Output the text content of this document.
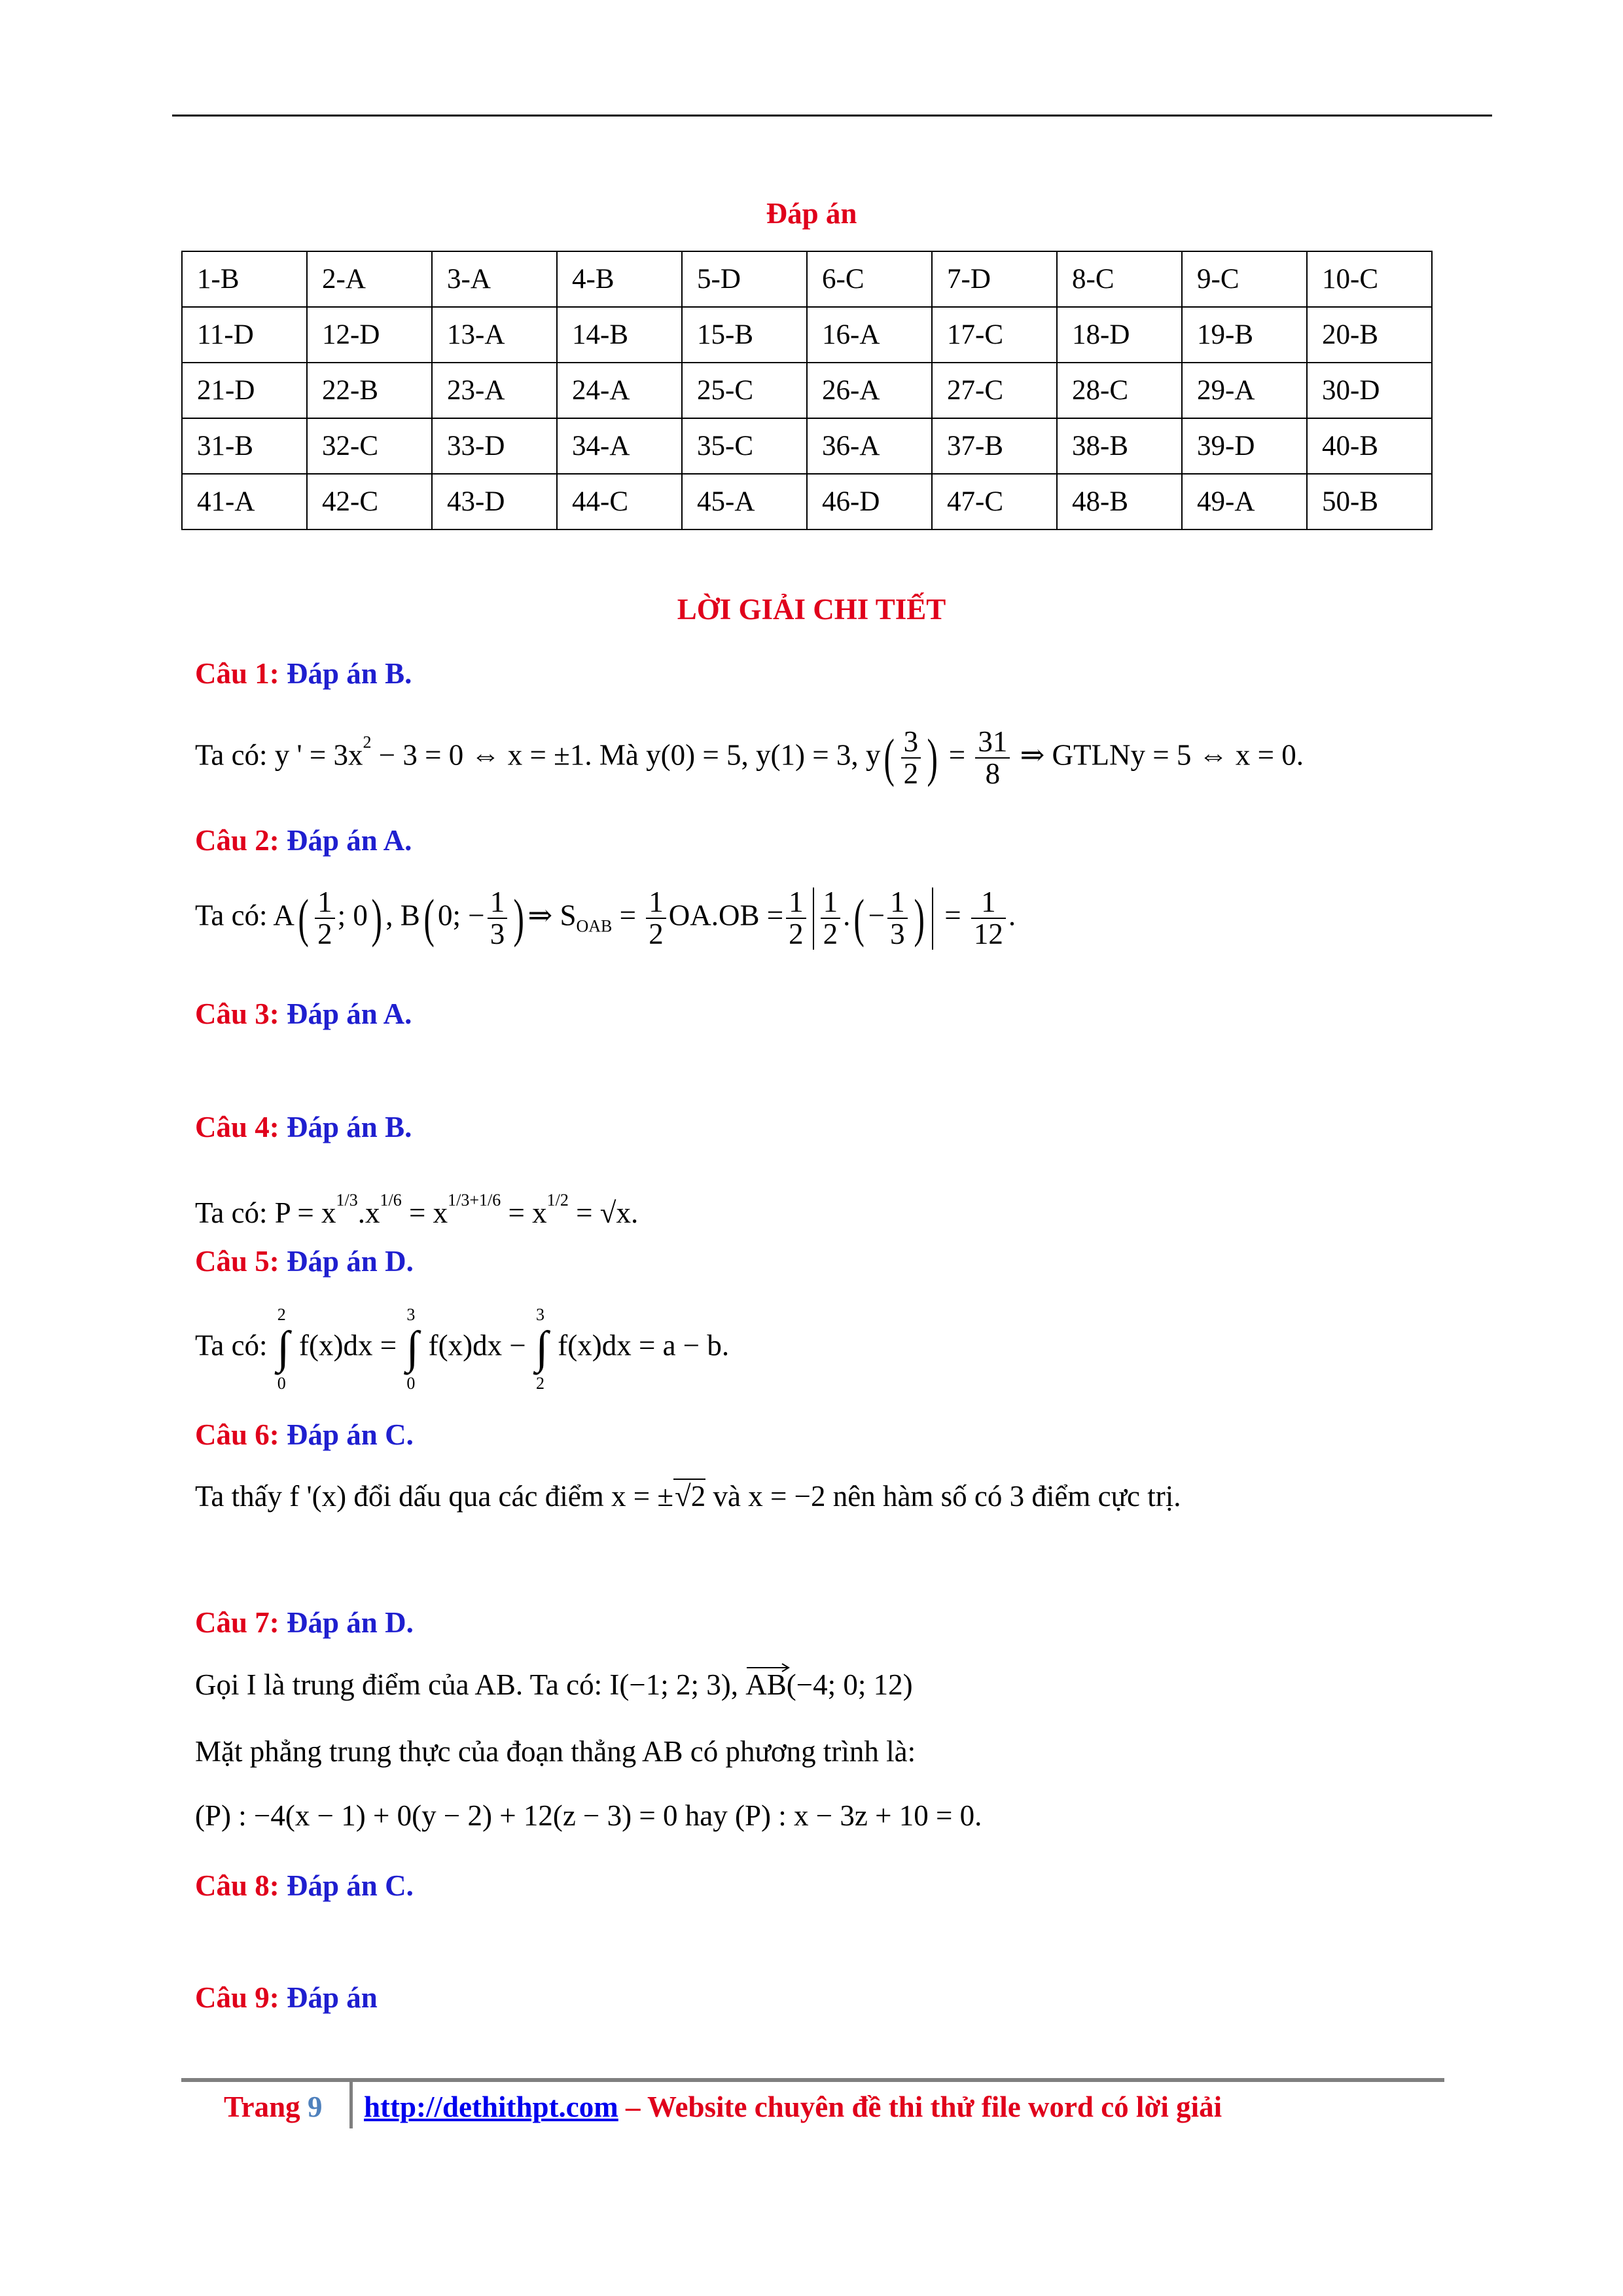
Đáp án
1-B	2-A	3-A	4-B	5-D	6-C	7-D	8-C	9-C	10-C
11-D	12-D	13-A	14-B	15-B	16-A	17-C	18-D	19-B	20-B
21-D	22-B	23-A	24-A	25-C	26-A	27-C	28-C	29-A	30-D
31-B	32-C	33-D	34-A	35-C	36-A	37-B	38-B	39-D	40-B
41-A	42-C	43-D	44-C	45-A	46-D	47-C	48-B	49-A	50-B
LỜI GIẢI CHI TIẾT
Câu 1: Đáp án B.
Ta có: y ' = $3x^2 - 3 = 0$ ⇔ x = ±1. Mà y(0) = 5, y(1) = 3, $y( \frac{3}{2}$ ) = $\frac{31}{8}$ ⇒ GTLNy = 5 ⇔ x = 0.
Câu 2: Đáp án A.
Ta có: $A( \frac{1}{2}$ ; 0) , B( 0; − $\frac{1}{3}$ ) ⇒ $S_{OAB} = \frac{1}{2} OA.OB = \frac{1}{2} \frac{1}{2}$ .( − $\frac{1}{3}$ ) = $\frac{1}{12}$ .
Câu 3: Đáp án A.
Câu 4: Đáp án B.
Ta có: $P = x^{1/3}.x^{1/6} = x^{1/3+1/6} = x^{1/2} = √x$.
Câu 5: Đáp án D.
Ta có:
2
∫
0
f(x)dx =
3
∫
0
f(x)dx −
3
∫
2
f(x)dx = a − b.
Câu 6: Đáp án C.
Ta thấy f '(x) đổi dấu qua các điểm x = ±√2 và x = −2 nên hàm số có 3 điểm cực trị.
Câu 7: Đáp án D.
Gọi I là trung điểm của AB. Ta có: I(−1; 2; 3),
AB(−4; 0; 12)
Mặt phẳng trung thực của đoạn thẳng AB có phương trình là:
(P) : −4(x − 1) + 0(y − 2) + 12(z − 3) = 0 hay (P) : x − 3z + 10 = 0.
Câu 8: Đáp án C.
Câu 9: Đáp án
Trang 9 http://dethithpt.com – Website chuyên đề thi thử file word có lời giải
